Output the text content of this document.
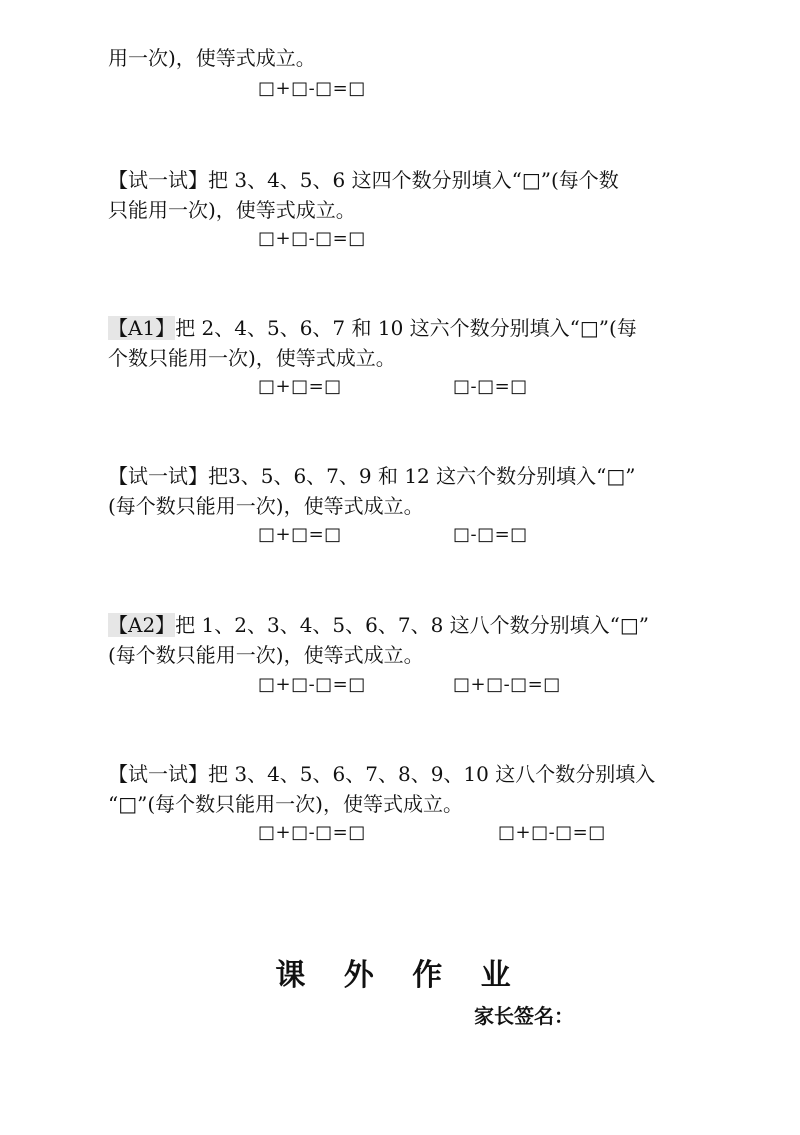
用一次)，使等式成立。
□+□-□=□
【试一试】把 3、4、5、6 这四个数分别填入“□”(每个数
只能用一次)，使等式成立。
□+□-□=□
【A1】把 2、4、5、6、7 和 10 这六个数分别填入“□”(每
个数只能用一次)，使等式成立。
□+□=□	□-□=□
【试一试】把3、5、6、7、9 和 12 这六个数分别填入“□”
(每个数只能用一次)，使等式成立。
□+□=□	□-□=□
【A2】把 1、2、3、4、5、6、7、8 这八个数分别填入“□”
(每个数只能用一次)，使等式成立。
□+□-□=□	□+□-□=□
【试一试】把 3、4、5、6、7、8、9、10 这八个数分别填入
“□”(每个数只能用一次)，使等式成立。
□+□-□=□	□+□-□=□
课 外 作 业
家长签名：
